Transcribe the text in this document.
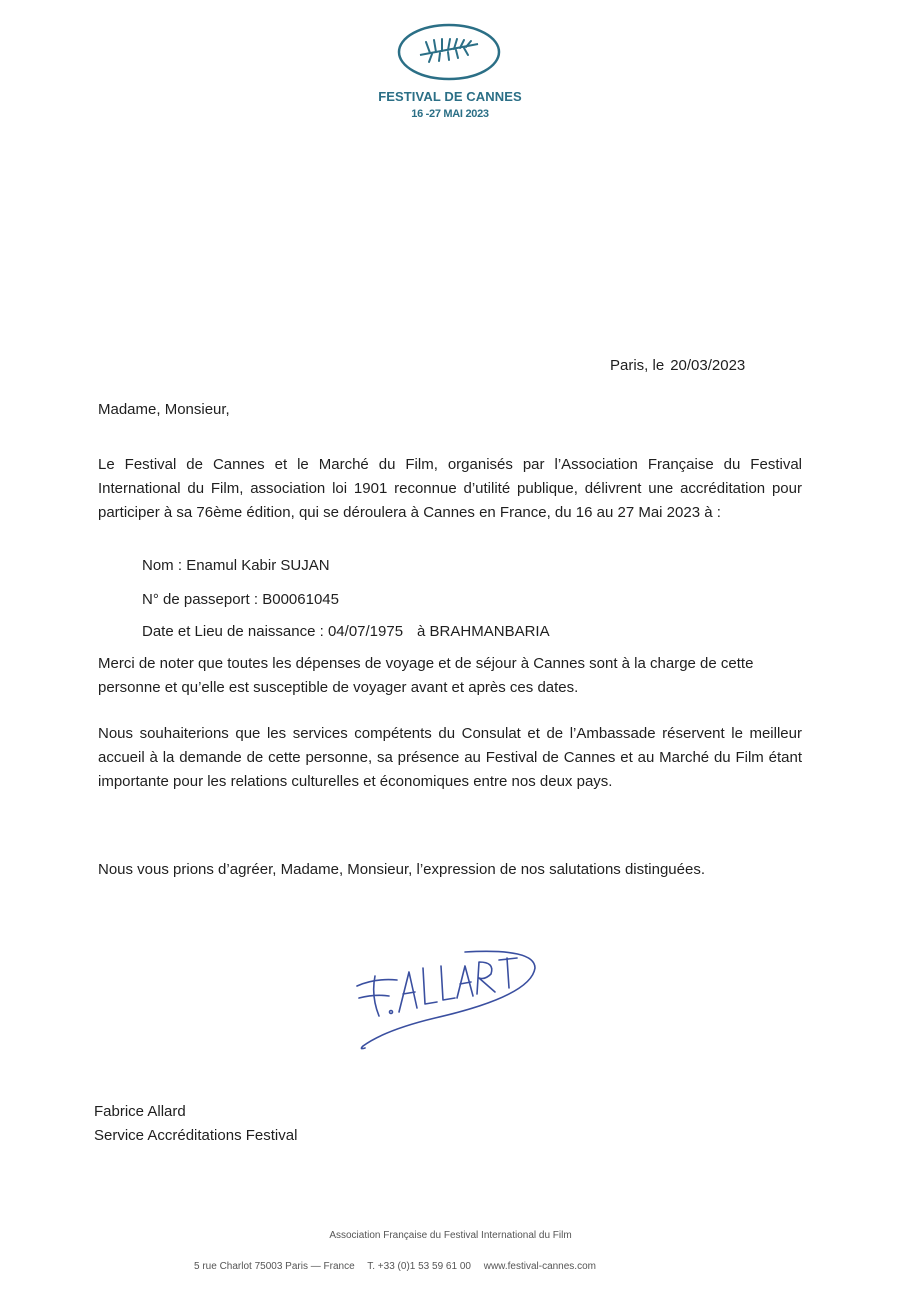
FESTIVAL DE CANNES
16 -27 MAI 2023
Paris, le 20/03/2023
Madame, Monsieur,
Le Festival de Cannes et le Marché du Film, organisés par l’Association Française du Festival International du Film, association loi 1901 reconnue d’utilité publique, délivrent une accréditation pour participer à sa 76ème édition, qui se déroulera à Cannes en France, du 16 au 27 Mai 2023 à :
Nom : Enamul Kabir SUJAN
N° de passeport : B00061045
Date et Lieu de naissance : 04/07/1975 à BRAHMANBARIA
Merci de noter que toutes les dépenses de voyage et de séjour à Cannes sont à la charge de cette personne et qu’elle est susceptible de voyager avant et après ces dates.
Nous souhaiterions que les services compétents du Consulat et de l’Ambassade réservent le meilleur accueil à la demande de cette personne, sa présence au Festival de Cannes et au Marché du Film étant importante pour les relations culturelles et économiques entre nos deux pays.
Nous vous prions d’agréer, Madame, Monsieur, l’expression de nos salutations distinguées.
Fabrice Allard
Service Accréditations Festival
Association Française du Festival International du Film
5 rue Charlot 75003 Paris — France T. +33 (0)1 53 59 61 00 www.festival-cannes.com
